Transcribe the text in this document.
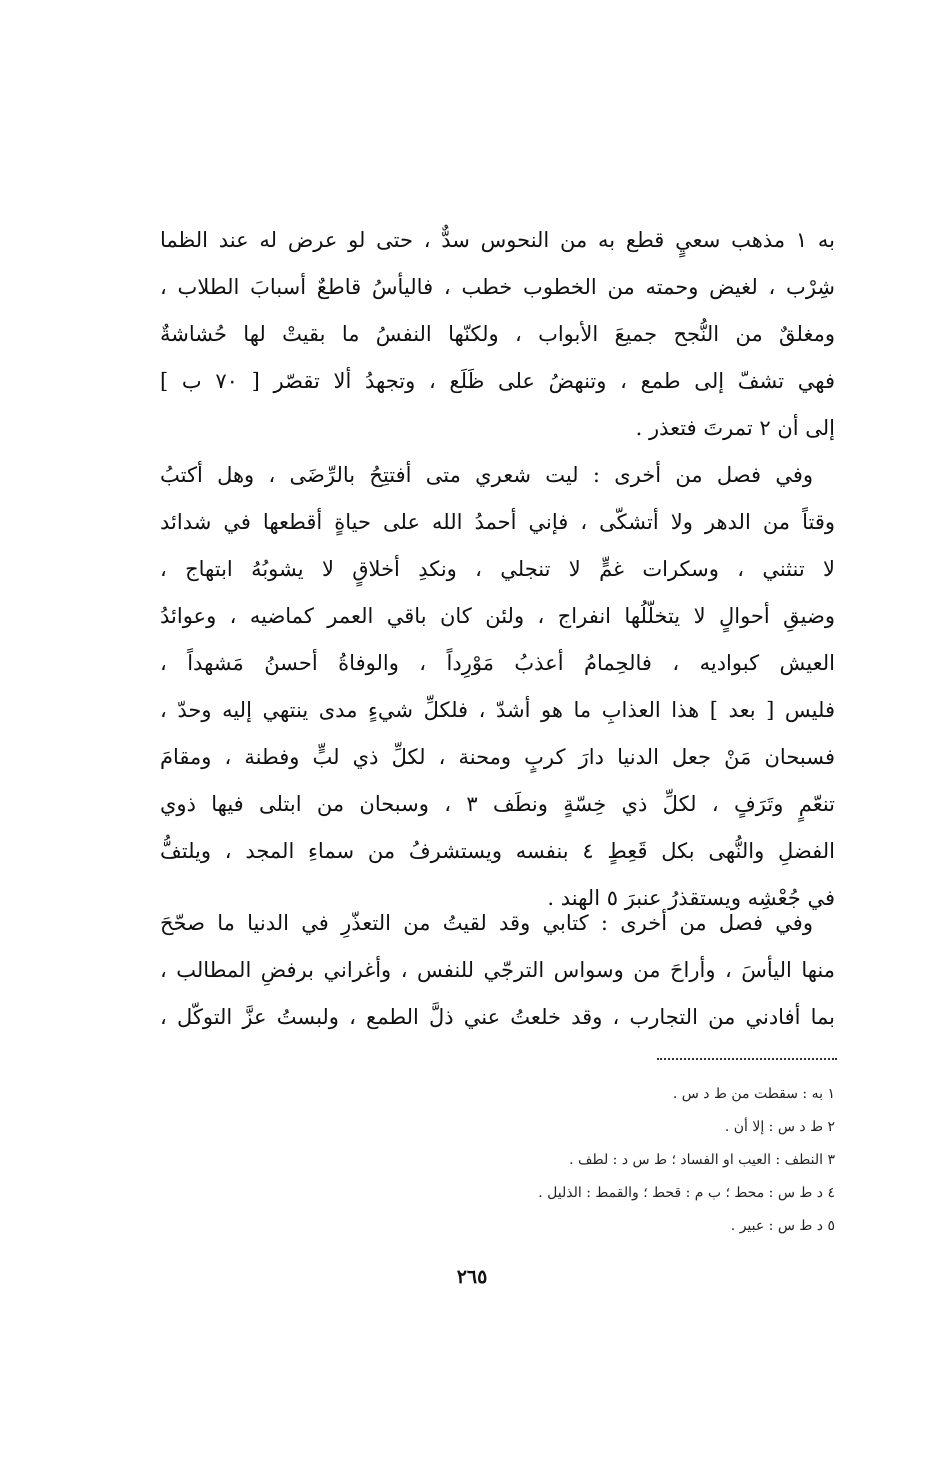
به ۱ مذهب سعيٍ قطع به من النحوس سدٌّ ، حتى لو عرض له عند الظما
شِرْب ، لغيض وحمته من الخطوب خطب ، فاليأسُ قاطعٌ أسبابَ الطلاب ،
ومغلقٌ من النُّجح جميعَ الأبواب ، ولكنّها النفسُ ما بقيتْ لها حُشاشةٌ
فهي تشفّ إلى طمع ، وتنهضُ على ظَلَع ، وتجهدُ ألا تقصّر [ ٧٠ ب ]
إلى أن ۲ تمرتَ فتعذر .
وفي فصل من أخرى : ليت شعري متى أفتتِحُ بالرِّضَى ، وهل أكتبُ
وقتاً من الدهر ولا أتشكّى ، فإني أحمدُ الله على حياةٍ أقطعها في شدائد
لا تنثني ، وسكرات غمٍّ لا تنجلي ، ونكدِ أخلاقٍ لا يشوبُهُ ابتهاج ،
وضيقِ أحوالٍ لا يتخلّلُها انفراج ، ولئن كان باقي العمر كماضيه ، وعوائدُ
العيش كبواديه ، فالحِمامُ أعذبُ مَوْرِداً ، والوفاةُ أحسنُ مَشهداً ،
فليس [ بعد ] هذا العذابِ ما هو أشدّ ، فلكلِّ شيءٍ مدى ينتهي إليه وحدّ ،
فسبحان مَنْ جعل الدنيا دارَ كربٍ ومحنة ، لكلِّ ذي لبٍّ وفطنة ، ومقامَ
تنعّمٍ وتَرَفٍ ، لكلِّ ذي خِسّةٍ ونطَف ۳ ، وسبحان من ابتلى فيها ذوي
الفضلِ والنُّهى بكل قَعِطٍ ٤ بنفسه ويستشرفُ من سماءِ المجد ، ويلتفُّ
في جُعْشِه ويستقذرُ عنبرَ ٥ الهند .
وفي فصل من أخرى : كتابي وقد لقيتُ من التعذّرِ في الدنيا ما صحّحَ
منها اليأسَ ، وأراحَ من وسواس الترجّي للنفس ، وأغراني برفضِ المطالب ،
بما أفادني من التجارب ، وقد خلعتُ عني ذلَّ الطمع ، ولبستُ عزَّ التوكّل ،
١ به : سقطت من ط د س .
٢ ط د س : إلا أن .
٣ النطف : العيب او الفساد ؛ ط س د : لطف .
٤ د ط س : محط ؛ ب م : قحط ؛ والقمط : الذليل .
٥ د ط س : عبير .
٢٦٥
